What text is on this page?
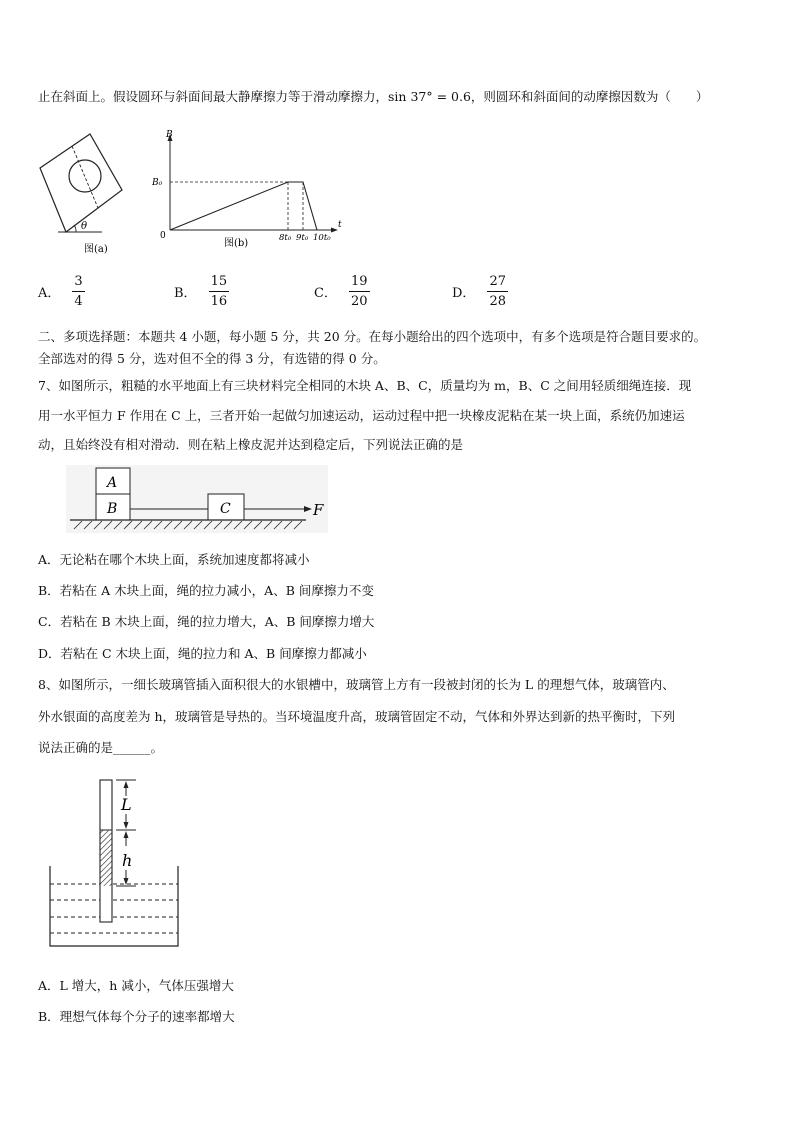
止在斜面上。假设圆环与斜面间最大静摩擦力等于滑动摩擦力，sin 37° = 0.6，则圆环和斜面间的动摩擦因数为（　　）
θ
图(a)
B
t
0
B₀
8t₀ 9t₀ 10t₀
图(b)
A． $\frac{3}{4}$	B． $\frac{15}{16}$	C． $\frac{19}{20}$	D． $\frac{27}{28}$
二、多项选择题：本题共 4 小题，每小题 5 分，共 20 分。在每小题给出的四个选项中，有多个选项是符合题目要求的。
全部选对的得 5 分，选对但不全的得 3 分，有选错的得 0 分。
7、如图所示，粗糙的水平地面上有三块材料完全相同的木块 A、B、C，质量均为 m，B、C 之间用轻质细绳连接．现
用一水平恒力 F 作用在 C 上，三者开始一起做匀加速运动，运动过程中把一块橡皮泥粘在某一块上面，系统仍加速运
动，且始终没有相对滑动．则在粘上橡皮泥并达到稳定后，下列说法正确的是
A
B	C	F
A．无论粘在哪个木块上面，系统加速度都将减小
B．若粘在 A 木块上面，绳的拉力减小，A、B 间摩擦力不变
C．若粘在 B 木块上面，绳的拉力增大，A、B 间摩擦力增大
D．若粘在 C 木块上面，绳的拉力和 A、B 间摩擦力都减小
8、如图所示，一细长玻璃管插入面积很大的水银槽中，玻璃管上方有一段被封闭的长为 L 的理想气体，玻璃管内、
外水银面的高度差为 h，玻璃管是导热的。当环境温度升高，玻璃管固定不动，气体和外界达到新的热平衡时，下列
说法正确的是______。
L
h
A．L 增大，h 减小，气体压强增大
B．理想气体每个分子的速率都增大
